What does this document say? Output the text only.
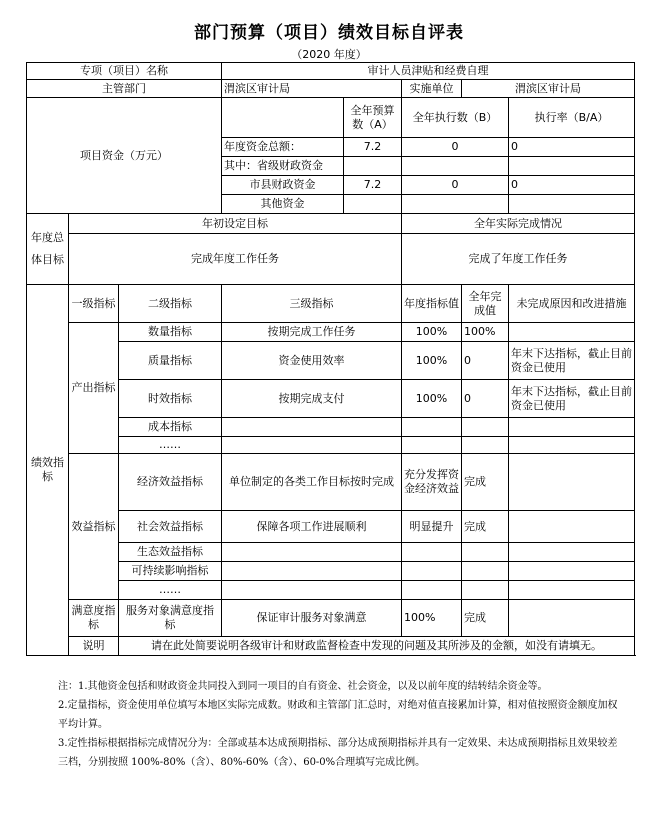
部门预算（项目）绩效目标自评表
（2020 年度）
专项（项目）名称			审计人员津贴和经费自理				
主管部门			渭滨区审计局		实施单位	渭滨区审计局	
项目资金（万元）				全年预算数（A）	全年执行数（B）		执行率（B/A）
			年度资金总额：	7.2	0		0
			其中：省级财政资金				
			市县财政资金	7.2	0		0
			其他资金				
年度总体目标	年初设定目标				全年实际完成情况		
	完成年度工作任务				完成了年度工作任务		
绩效指标	一级指标	二级指标	三级指标		年度指标值	全年完成值	未完成原因和改进措施
	产出指标	数量指标	按期完成工作任务		100%	100%	
		质量指标	资金使用效率		100%	0	年末下达指标，截止目前资金已使用
		时效指标	按期完成支付		100%	0	年末下达指标，截止目前资金已使用
		成本指标					
		……					
	效益指标	经济效益指标	单位制定的各类工作目标按时完成		充分发挥资金经济效益	完成	
		社会效益指标	保障各项工作进展顺利		明显提升	完成	
		生态效益指标					
		可持续影响指标					
		……					
	满意度指标	服务对象满意度指标	保证审计服务对象满意		100%	完成	
	说明	请在此处简要说明各级审计和财政监督检查中发现的问题及其所涉及的金额，如没有请填无。					

注：1.其他资金包括和财政资金共同投入到同一项目的自有资金、社会资金，以及以前年度的结转结余资金等。

2.定量指标，资金使用单位填写本地区实际完成数。财政和主管部门汇总时，对绝对值直接累加计算，相对值按照资金额度加权平均计算。

3.定性指标根据指标完成情况分为：全部或基本达成预期指标、部分达成预期指标并具有一定效果、未达成预期指标且效果较差三档，分别按照 100%-80%（含）、80%-60%（含）、60-0%合理填写完成比例。
